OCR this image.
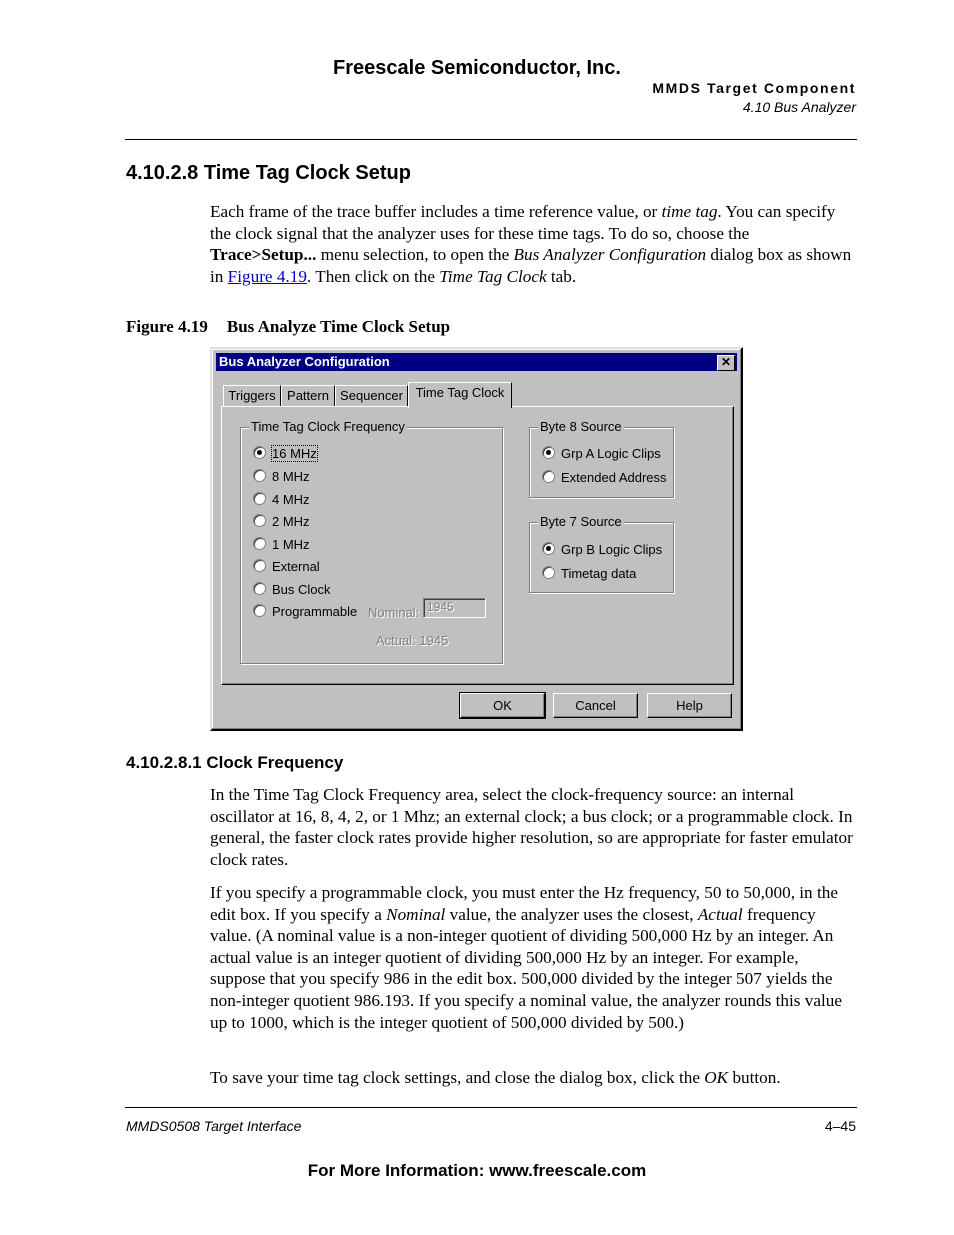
Freescale Semiconductor, Inc.
MMDS Target Component
4.10 Bus Analyzer
4.10.2.8 Time Tag Clock Setup
Each frame of the trace buffer includes a time reference value, or time tag. You can specify the clock signal that the analyzer uses for these time tags. To do so, choose the Trace>Setup... menu selection, to open the Bus Analyzer Configuration dialog box as shown in Figure 4.19. Then click on the Time Tag Clock tab.
Figure 4.19 Bus Analyze Time Clock Setup
Bus Analyzer Configuration	✕
Triggers Pattern Sequencer Time Tag Clock
Time Tag Clock Frequency
16 MHz
8 MHz
4 MHz
2 MHz
1 MHz
External
Bus Clock
Programmable Nominal: 1945
Actual: 1945
Byte 8 Source
Grp A Logic Clips
Extended Address
Byte 7 Source
Grp B Logic Clips
Timetag data
OK	Cancel	Help
4.10.2.8.1 Clock Frequency
In the Time Tag Clock Frequency area, select the clock-frequency source: an internal oscillator at 16, 8, 4, 2, or 1 Mhz; an external clock; a bus clock; or a programmable clock. In general, the faster clock rates provide higher resolution, so are appropriate for faster emulator clock rates.
If you specify a programmable clock, you must enter the Hz frequency, 50 to 50,000, in the edit box. If you specify a Nominal value, the analyzer uses the closest, Actual frequency value. (A nominal value is a non-integer quotient of dividing 500,000 Hz by an integer. An actual value is an integer quotient of dividing 500,000 Hz by an integer. For example, suppose that you specify 986 in the edit box. 500,000 divided by the integer 507 yields the non-integer quotient 986.193. If you specify a nominal value, the analyzer rounds this value up to 1000, which is the integer quotient of 500,000 divided by 500.)
To save your time tag clock settings, and close the dialog box, click the OK button.
MMDS0508 Target Interface	4–45
For More Information: www.freescale.com
